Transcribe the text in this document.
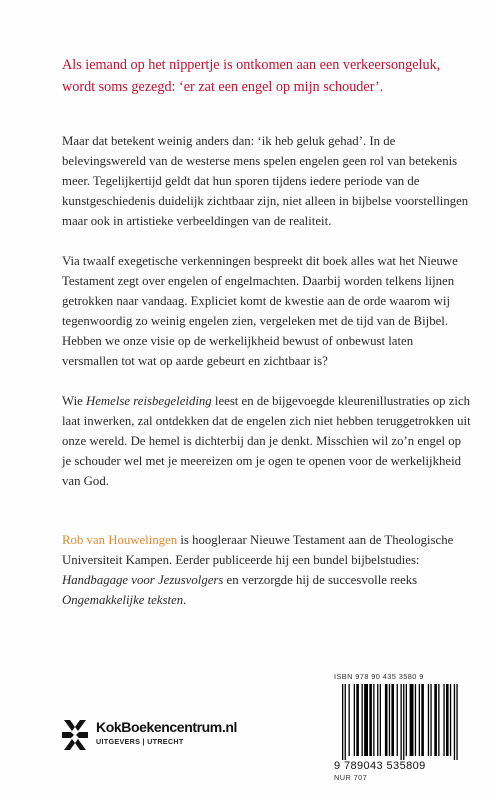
Als iemand op het nippertje is ontkomen aan een verkeersongeluk, wordt soms gezegd: ‘er zat een engel op mijn schouder’.

Maar dat betekent weinig anders dan: ‘ik heb geluk gehad’. In de belevingswereld van de westerse mens spelen engelen geen rol van betekenis meer. Tegelijkertijd geldt dat hun sporen tijdens iedere periode van de kunstgeschiedenis duidelijk zichtbaar zijn, niet alleen in bijbelse voorstellingen maar ook in artistieke verbeeldingen van de realiteit.

Via twaalf exegetische verkenningen bespreekt dit boek alles wat het Nieuwe Testament zegt over engelen of engelmachten. Daarbij worden telkens lijnen getrokken naar vandaag. Expliciet komt de kwestie aan de orde waarom wij tegenwoordig zo weinig engelen zien, vergeleken met de tijd van de Bijbel. Hebben we onze visie op de werkelijkheid bewust of onbewust laten versmallen tot wat op aarde gebeurt en zichtbaar is?

Wie Hemelse reisbegeleiding leest en de bijgevoegde kleurenillustraties op zich laat inwerken, zal ontdekken dat de engelen zich niet hebben teruggetrokken uit onze wereld. De hemel is dichterbij dan je denkt. Misschien wil zo’n engel op je schouder wel met je meereizen om je ogen te openen voor de werkelijkheid van God.

Rob van Houwelingen is hoogleraar Nieuwe Testament aan de Theologische Universiteit Kampen. Eerder publiceerde hij een bundel bijbelstudies: Handbagage voor Jezusvolgers en verzorgde hij de succesvolle reeks Ongemakkelijke teksten.
KokBoekencentrum.nl
UITGEVERS | UTRECHT
ISBN 978 90 435 3580 9
9 789043 535809
NUR 707
